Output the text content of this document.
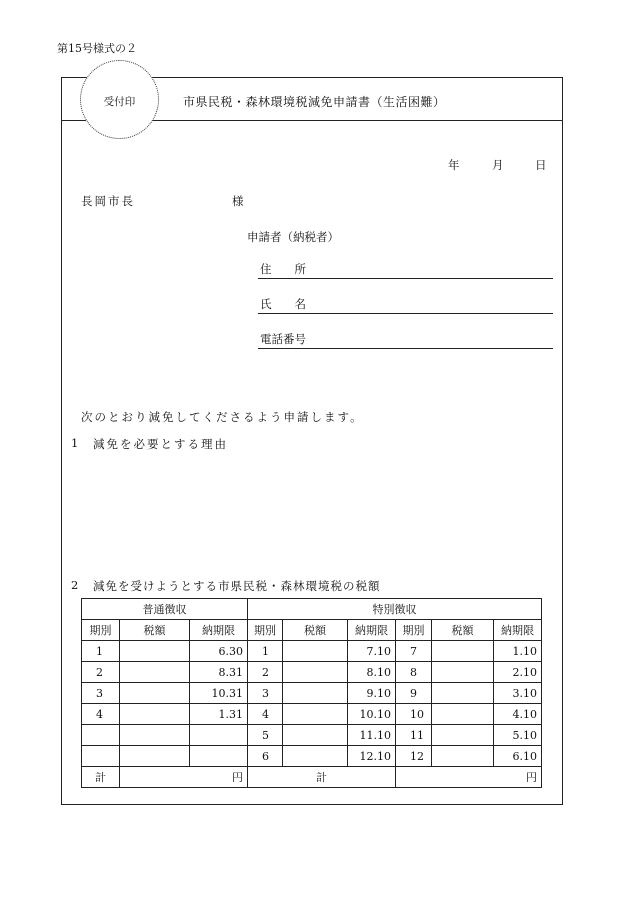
第15号様式の２
市県民税・森林環境税減免申請書（生活困難）
受付印
年	月	日
長岡市長	様
申請者（納税者）
住　　所
氏　　名
電話番号
次のとおり減免してくださるよう申請します。
1 減免を必要とする理由
2 減免を受けようとする市県民税・森林環境税の税額
普通徴収			特別徴収					
期別	税額	納期限	期別	税額	納期限	期別	税額	納期限
1		6.30	1		7.10	7		1.10
2		8.31	2		8.10	8		2.10
3		10.31	3		9.10	9		3.10
4		1.31	4		10.10	10		4.10
			5		11.10	11		5.10
			6		12.10	12		6.10
計	円		計			円		
